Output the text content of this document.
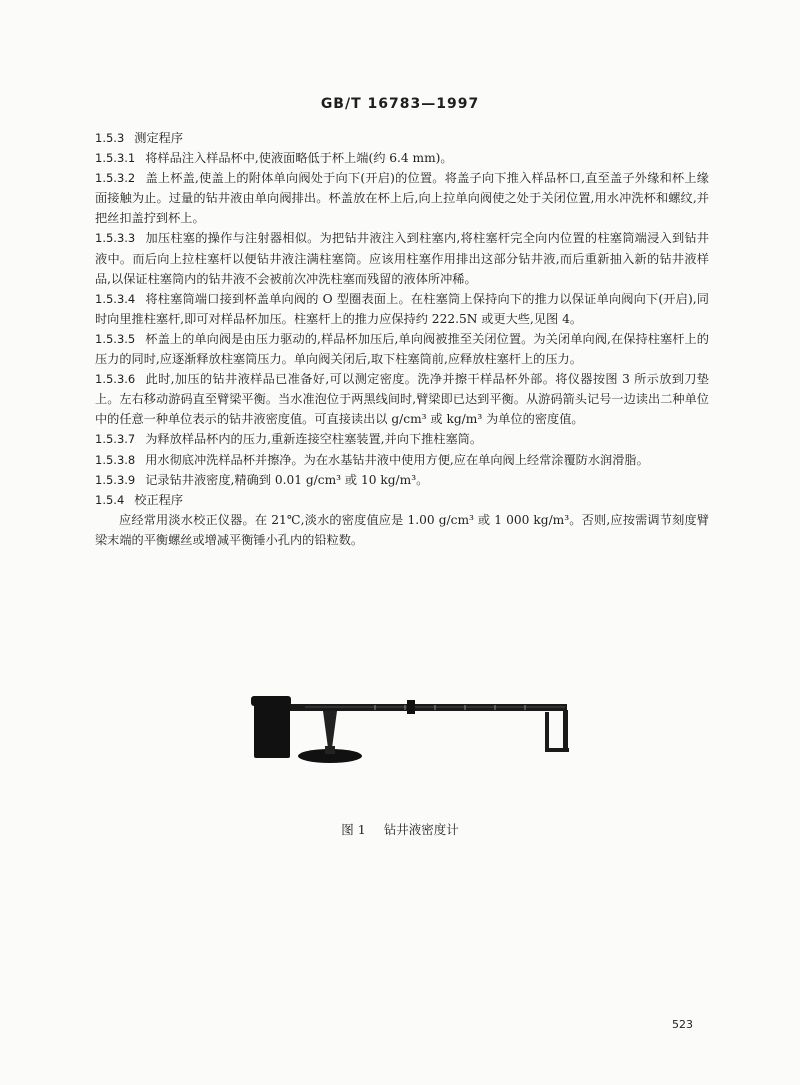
GB/T 16783—1997

1.5.3 测定程序

1.5.3.1 将样品注入样品杯中,使液面略低于杯上端(约 6.4 mm)。

1.5.3.2 盖上杯盖,使盖上的附体单向阀处于向下(开启)的位置。将盖子向下推入样品杯口,直至盖子外缘和杯上缘面接触为止。过量的钻井液由单向阀排出。杯盖放在杯上后,向上拉单向阀使之处于关闭位置,用水冲洗杯和螺纹,并把丝扣盖拧到杯上。

1.5.3.3 加压柱塞的操作与注射器相似。为把钻井液注入到柱塞内,将柱塞杆完全向内位置的柱塞筒端浸入到钻井液中。而后向上拉柱塞杆以便钻井液注满柱塞筒。应该用柱塞作用排出这部分钻井液,而后重新抽入新的钻井液样品,以保证柱塞筒内的钻井液不会被前次冲洗柱塞而残留的液体所冲稀。

1.5.3.4 将柱塞筒端口接到杯盖单向阀的 O 型圈表面上。在柱塞筒上保持向下的推力以保证单向阀向下(开启),同时向里推柱塞杆,即可对样品杯加压。柱塞杆上的推力应保持约 222.5N 或更大些,见图 4。

1.5.3.5 杯盖上的单向阀是由压力驱动的,样品杯加压后,单向阀被推至关闭位置。为关闭单向阀,在保持柱塞杆上的压力的同时,应逐渐释放柱塞筒压力。单向阀关闭后,取下柱塞筒前,应释放柱塞杆上的压力。

1.5.3.6 此时,加压的钻井液样品已准备好,可以测定密度。洗净并擦干样品杯外部。将仪器按图 3 所示放到刀垫上。左右移动游码直至臂梁平衡。当水准泡位于两黑线间时,臂梁即已达到平衡。从游码箭头记号一边读出二种单位中的任意一种单位表示的钻井液密度值。可直接读出以 g/cm³ 或 kg/m³ 为单位的密度值。

1.5.3.7 为释放样品杯内的压力,重新连接空柱塞装置,并向下推柱塞筒。

1.5.3.8 用水彻底冲洗样品杯并擦净。为在水基钻井液中使用方便,应在单向阀上经常涂覆防水润滑脂。

1.5.3.9 记录钻井液密度,精确到 0.01 g/cm³ 或 10 kg/m³。

1.5.4 校正程序

应经常用淡水校正仪器。在 21℃,淡水的密度值应是 1.00 g/cm³ 或 1 000 kg/m³。否则,应按需调节刻度臂梁末端的平衡螺丝或增减平衡锤小孔内的铅粒数。

图 1 钻井液密度计
523
